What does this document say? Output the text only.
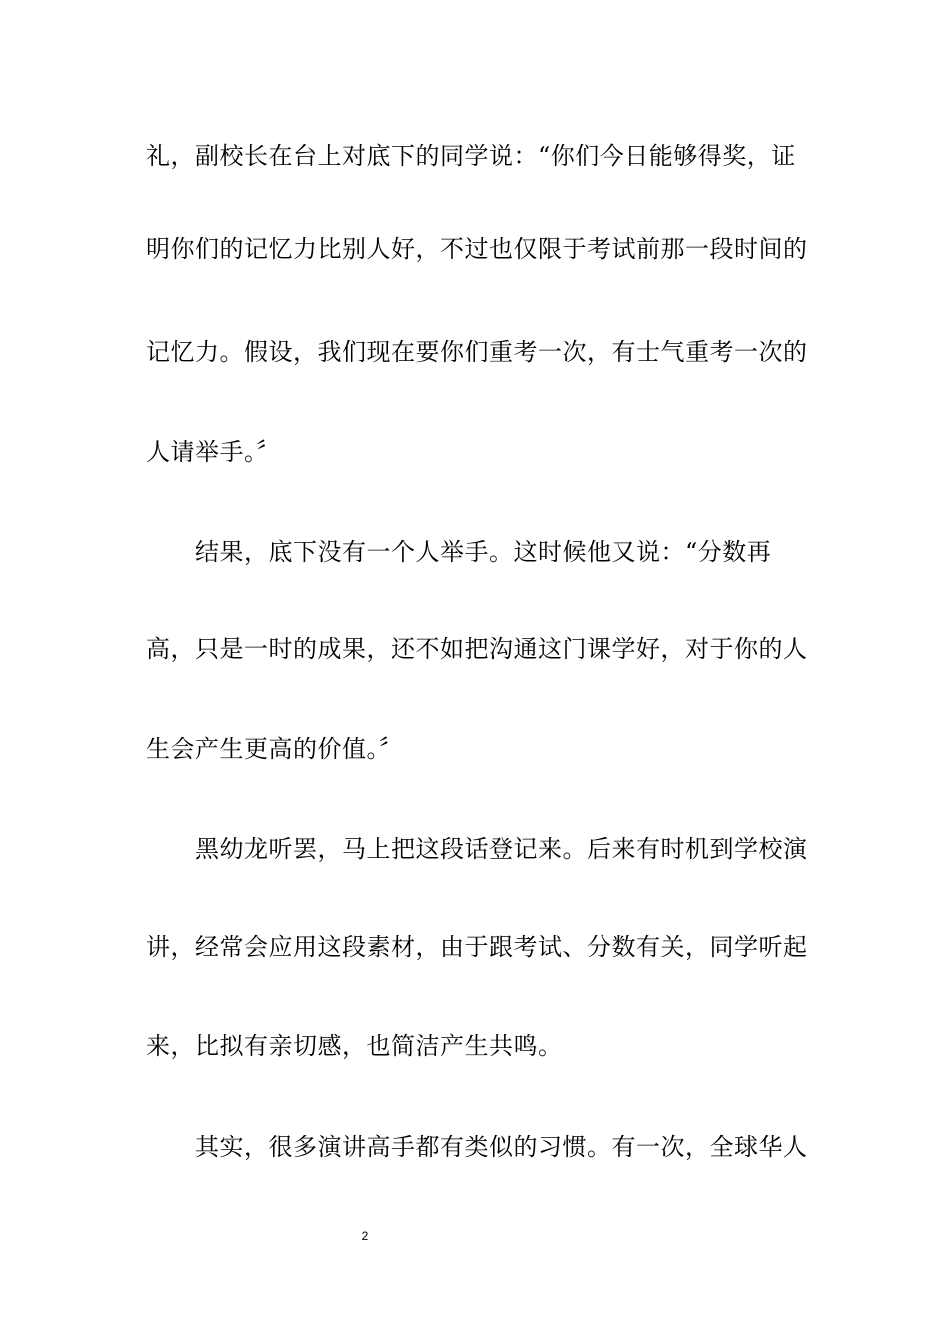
礼，副校长在台上对底下的同学说：“你们今日能够得奖，证
明你们的记忆力比别人好，不过也仅限于考试前那一段时间的
记忆力。假设，我们现在要你们重考一次，有士气重考一次的
人请举手。〞
结果，底下没有一个人举手。这时候他又说：“分数再
高，只是一时的成果，还不如把沟通这门课学好，对于你的人
生会产生更高的价值。〞
黑幼龙听罢，马上把这段话登记来。后来有时机到学校演
讲，经常会应用这段素材，由于跟考试、分数有关，同学听起
来，比拟有亲切感，也简洁产生共鸣。
其实，很多演讲高手都有类似的习惯。有一次，全球华人
2
